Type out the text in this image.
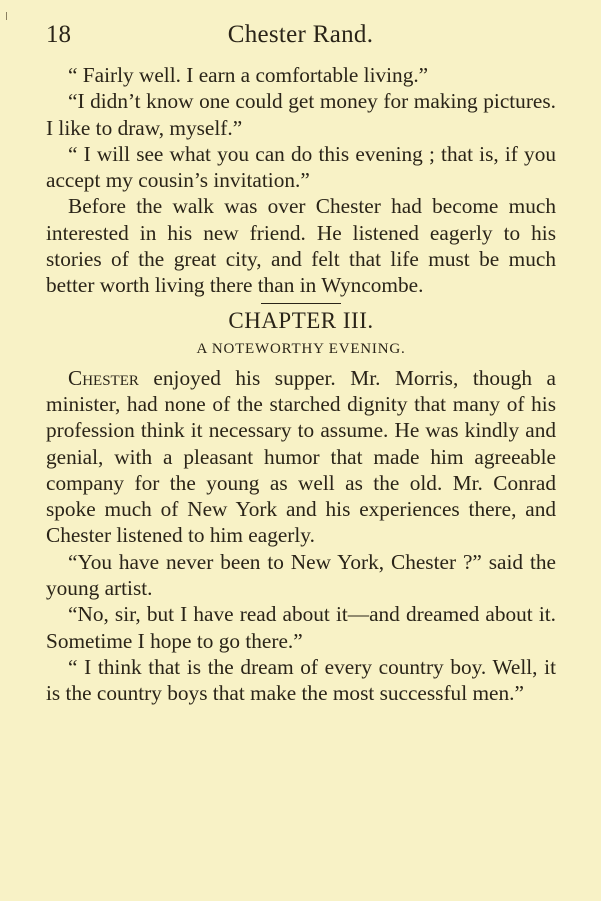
18	Chester Rand.

“ Fairly well. I earn a comfortable living.”

“I didn’t know one could get money for making pictures. I like to draw, myself.”

“ I will see what you can do this evening ; that is, if you accept my cousin’s invitation.”

Before the walk was over Chester had become much interested in his new friend. He listened eagerly to his stories of the great city, and felt that life must be much better worth living there than in Wyncombe.

CHAPTER III.
A NOTEWORTHY EVENING.

Chester enjoyed his supper. Mr. Morris, though a minister, had none of the starched dignity that many of his profession think it necessary to assume. He was kindly and genial, with a pleasant humor that made him agreeable company for the young as well as the old. Mr. Conrad spoke much of New York and his experiences there, and Chester listened to him eagerly.

“You have never been to New York, Chester ?” said the young artist.

“No, sir, but I have read about it—and dreamed about it. Sometime I hope to go there.”

“ I think that is the dream of every country boy. Well, it is the country boys that make the most successful men.”
